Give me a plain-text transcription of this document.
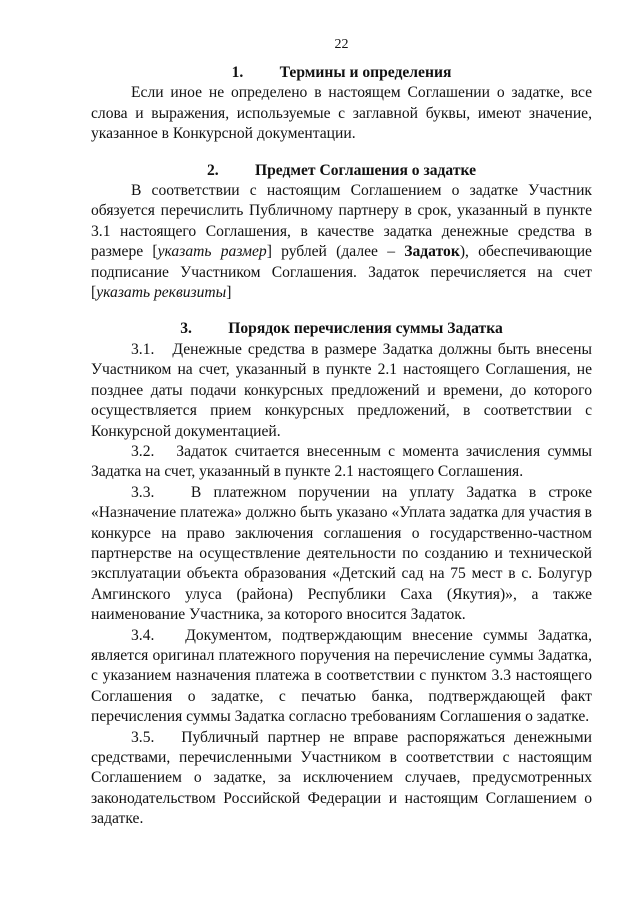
22
1.	Термины и определения

Если иное не определено в настоящем Соглашении о задатке, все слова и выражения, используемые с заглавной буквы, имеют значение, указанное в Конкурсной документации.

2.	Предмет Соглашения о задатке

В соответствии с настоящим Соглашением о задатке Участник обязуется перечислить Публичному партнеру в срок, указанный в пункте 3.1 настоящего Соглашения, в качестве задатка денежные средства в размере [указать размер] рублей (далее – Задаток), обеспечивающие подписание Участником Соглашения. Задаток перечисляется на счет [указать реквизиты]

3.	Порядок перечисления суммы Задатка

3.1. Денежные средства в размере Задатка должны быть внесены Участником на счет, указанный в пункте 2.1 настоящего Соглашения, не позднее даты подачи конкурсных предложений и времени, до которого осуществляется прием конкурсных предложений, в соответствии с Конкурсной документацией.

3.2. Задаток считается внесенным с момента зачисления суммы Задатка на счет, указанный в пункте 2.1 настоящего Соглашения.

3.3. В платежном поручении на уплату Задатка в строке «Назначение платежа» должно быть указано «Уплата задатка для участия в конкурсе на право заключения соглашения о государственно-частном партнерстве на осуществление деятельности по созданию и технической эксплуатации объекта образования «Детский сад на 75 мест в с. Болугур Амгинского улуса (района) Республики Саха (Якутия)», а также наименование Участника, за которого вносится Задаток.

3.4. Документом, подтверждающим внесение суммы Задатка, является оригинал платежного поручения на перечисление суммы Задатка, с указанием назначения платежа в соответствии с пунктом 3.3 настоящего Соглашения о задатке, с печатью банка, подтверждающей факт перечисления суммы Задатка согласно требованиям Соглашения о задатке.

3.5. Публичный партнер не вправе распоряжаться денежными средствами, перечисленными Участником в соответствии с настоящим Соглашением о задатке, за исключением случаев, предусмотренных законодательством Российской Федерации и настоящим Соглашением о задатке.
